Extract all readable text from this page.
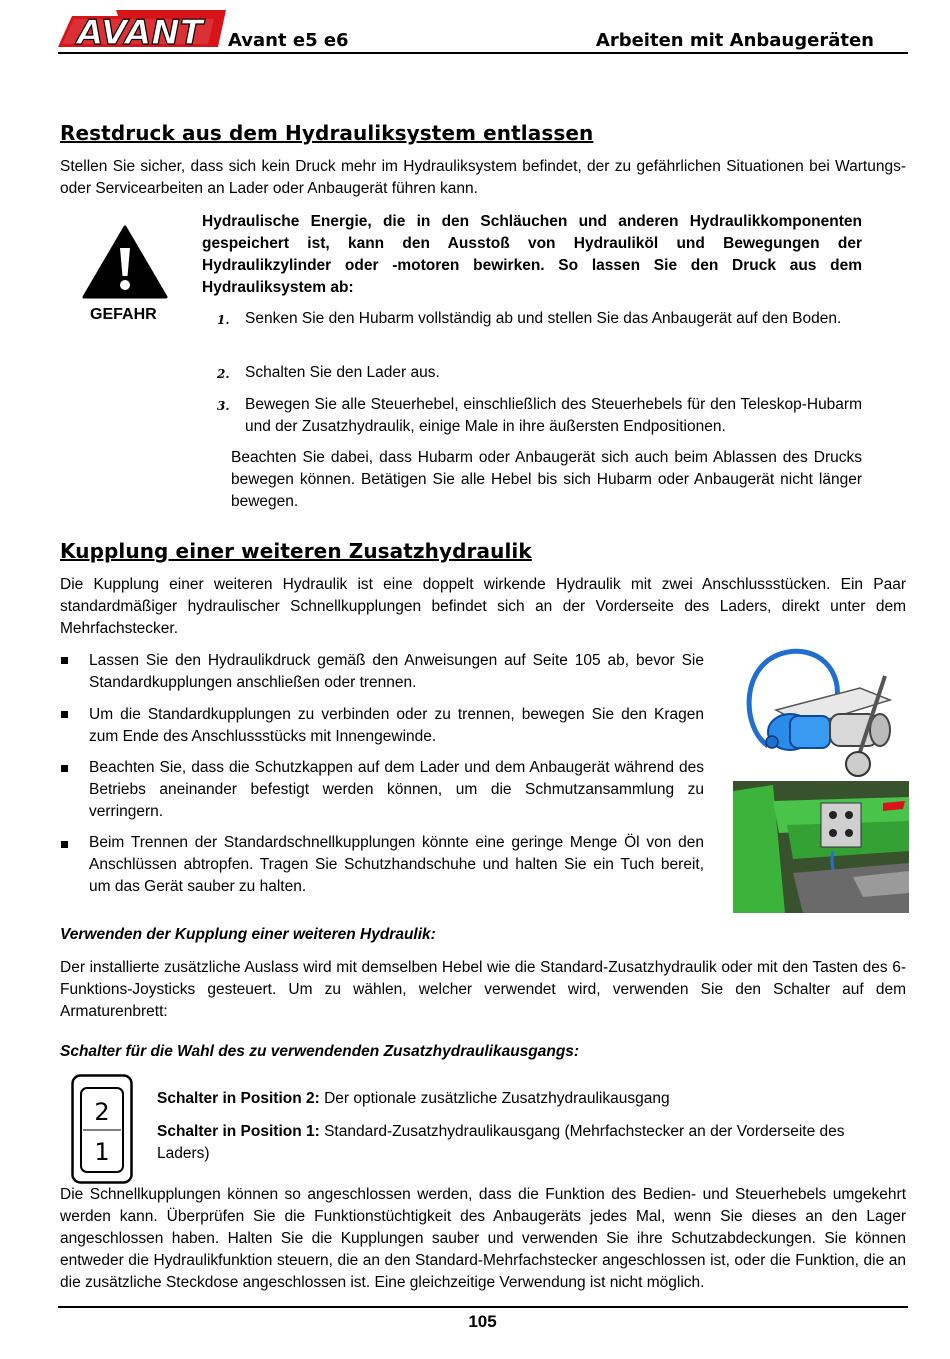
AVANT Avant e5 e6	Arbeiten mit Anbaugeräten
Restdruck aus dem Hydrauliksystem entlassen
Stellen Sie sicher, dass sich kein Druck mehr im Hydrauliksystem befindet, der zu gefährlichen Situationen bei Wartungs- oder Servicearbeiten an Lader oder Anbaugerät führen kann.
GEFAHR
Hydraulische Energie, die in den Schläuchen und anderen Hydraulikkomponenten gespeichert ist, kann den Ausstoß von Hydrauliköl und Bewegungen der Hydraulikzylinder oder -motoren bewirken. So lassen Sie den Druck aus dem Hydrauliksystem ab:
1. Senken Sie den Hubarm vollständig ab und stellen Sie das Anbaugerät auf den Boden.
2. Schalten Sie den Lader aus.
3. Bewegen Sie alle Steuerhebel, einschließlich des Steuerhebels für den Teleskop-Hubarm und der Zusatzhydraulik, einige Male in ihre äußersten Endpositionen.
Beachten Sie dabei, dass Hubarm oder Anbaugerät sich auch beim Ablassen des Drucks bewegen können. Betätigen Sie alle Hebel bis sich Hubarm oder Anbaugerät nicht länger bewegen.
Kupplung einer weiteren Zusatzhydraulik
Die Kupplung einer weiteren Hydraulik ist eine doppelt wirkende Hydraulik mit zwei Anschlussstücken. Ein Paar standardmäßiger hydraulischer Schnellkupplungen befindet sich an der Vorderseite des Laders, direkt unter dem Mehrfachstecker.
Lassen Sie den Hydraulikdruck gemäß den Anweisungen auf Seite 105 ab, bevor Sie Standardkupplungen anschließen oder trennen.
Um die Standardkupplungen zu verbinden oder zu trennen, bewegen Sie den Kragen zum Ende des Anschlussstücks mit Innengewinde.
Beachten Sie, dass die Schutzkappen auf dem Lader und dem Anbaugerät während des Betriebs aneinander befestigt werden können, um die Schmutzansammlung zu verringern.
Beim Trennen der Standardschnellkupplungen könnte eine geringe Menge Öl von den Anschlüssen abtropfen. Tragen Sie Schutzhandschuhe und halten Sie ein Tuch bereit, um das Gerät sauber zu halten.
Verwenden der Kupplung einer weiteren Hydraulik:
Der installierte zusätzliche Auslass wird mit demselben Hebel wie die Standard-Zusatzhydraulik oder mit den Tasten des 6-Funktions-Joysticks gesteuert. Um zu wählen, welcher verwendet wird, verwenden Sie den Schalter auf dem Armaturenbrett:
Schalter für die Wahl des zu verwendenden Zusatzhydraulikausgangs:
2
1
Schalter in Position 2: Der optionale zusätzliche Zusatzhydraulikausgang
Schalter in Position 1: Standard-Zusatzhydraulikausgang (Mehrfachstecker an der Vorderseite des Laders)
Die Schnellkupplungen können so angeschlossen werden, dass die Funktion des Bedien- und Steuerhebels umgekehrt werden kann. Überprüfen Sie die Funktionstüchtigkeit des Anbaugeräts jedes Mal, wenn Sie dieses an den Lager angeschlossen haben. Halten Sie die Kupplungen sauber und verwenden Sie ihre Schutzabdeckungen. Sie können entweder die Hydraulikfunktion steuern, die an den Standard-Mehrfachstecker angeschlossen ist, oder die Funktion, die an die zusätzliche Steckdose angeschlossen ist. Eine gleichzeitige Verwendung ist nicht möglich.
105
